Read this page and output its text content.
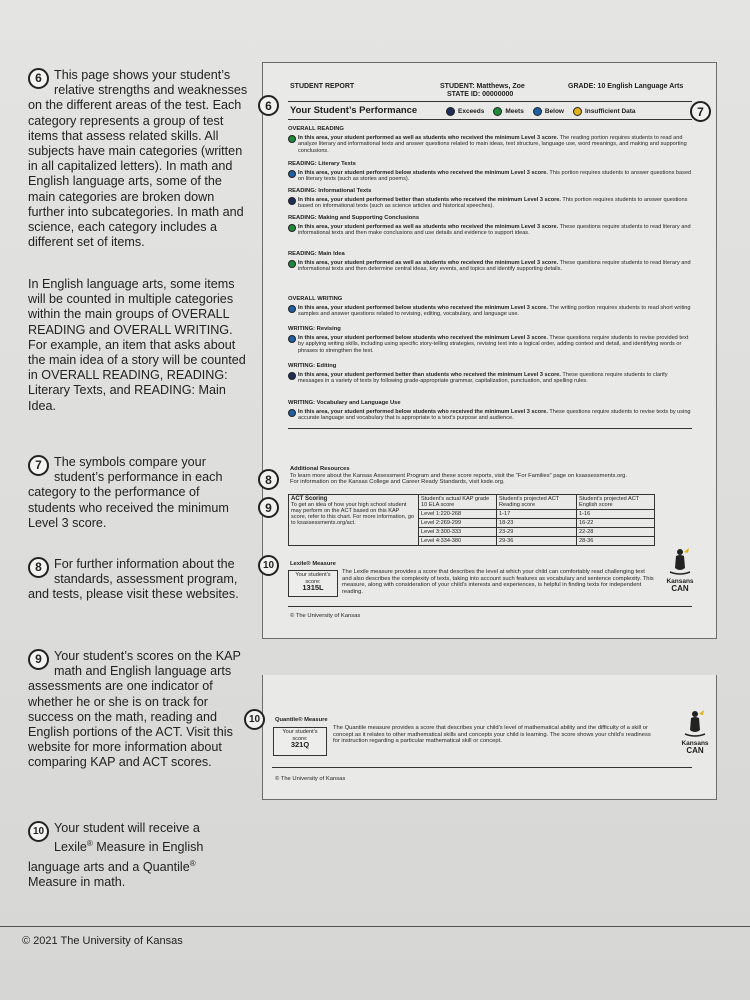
6 This page shows your student’s relative strengths and weaknesses on the different areas of the test. Each category represents a group of test items that assess related skills. All subjects have main categories (written in all capitalized letters). In math and English language arts, some of the main categories are broken down further into subcategories. In math and science, each category includes a different set of items.
In English language arts, some items will be counted in multiple categories within the main groups of OVERALL READING and OVERALL WRITING. For example, an item that asks about the main idea of a story will be counted in OVERALL READING, READING: Literary Texts, and READING: Main Idea.
7 The symbols compare your student’s performance in each category to the performance of students who received the minimum Level 3 score.
8 For further information about the standards, assessment program, and tests, please visit these websites.
9 Your student’s scores on the KAP math and English language arts assessments are one indicator of whether he or she is on track for success on the math, reading and English portions of the ACT. Visit this website for more information about comparing KAP and ACT scores.
10 Your student will receive a Lexile® Measure in English language arts and a Quantile® Measure in math.
STUDENT REPORT	STUDENT: Matthews, Zoe
STATE ID: 00000000
GRADE: 10 English Language Arts
6	Your Student’s Performance	Exceeds	Meets	Below	Insufficient Data	7
OVERALL READING
In this area, your student performed as well as students who received the minimum Level 3 score. The reading portion requires students to read and analyze literary and informational texts and answer questions related to main ideas, text structure, language use, word meanings, and making and supporting conclusions.
READING: Literary Texts
In this area, your student performed below students who received the minimum Level 3 score. This portion requires students to answer questions based on literary texts (such as stories and poems).
READING: Informational Texts
In this area, your student performed better than students who received the minimum Level 3 score. This portion requires students to answer questions based on informational texts (such as science articles and historical speeches).
READING: Making and Supporting Conclusions
In this area, your student performed as well as students who received the minimum Level 3 score. These questions require students to read literary and informational texts and then make conclusions and use details and evidence to support ideas.
READING: Main Idea
In this area, your student performed as well as students who received the minimum Level 3 score. These questions require students to read literary and informational texts and then determine central ideas, key events, and topics and identify supporting details.
OVERALL WRITING
In this area, your student performed below students who received the minimum Level 3 score. The writing portion requires students to read short writing samples and answer questions related to revising, editing, vocabulary, and language use.
WRITING: Revising
In this area, your student performed below students who received the minimum Level 3 score. These questions require students to revise provided text by applying writing skills, including using specific story-telling strategies, revising text into a logical order, adding context and detail, and identifying words or phrases to strengthen the text.
WRITING: Editing
In this area, your student performed better than students who received the minimum Level 3 score. These questions require students to clarify messages in a variety of texts by following grade-appropriate grammar, capitalization, punctuation, and spelling rules.
WRITING: Vocabulary and Language Use
In this area, your student performed below students who received the minimum Level 3 score. These questions require students to revise texts by using accurate language and vocabulary that is appropriate to a text’s purpose and audience.
8
Additional Resources
To learn more about the Kansas Assessment Program and these score reports, visit the “For Families” page on ksassessments.org.
For information on the Kansas College and Career Ready Standards, visit ksde.org.
9
ACT Scoring
To get an idea of how your high school student may perform on the ACT based on this KAP score, refer to this chart. For more information, go to ksassessments.org/act.	Student’s actual KAP grade 10 ELA score	Student’s projected ACT Reading score	Student’s projected ACT English score
	Level 1:220-268	1-17	1-16
	Level 2:269-299	18-23	16-22
	Level 3:300-333	23-29	22-28
	Level 4:334-380	29-36	28-36
10	Lexile® Measure
Your student’s score:
1315L
The Lexile measure provides a score that describes the level at which your child can comfortably read challenging text and also describes the complexity of texts, taking into account such features as vocabulary and sentence complexity. This measure, along with consideration of your child’s interests and experiences, is helpful in finding texts for independent reading.
Kansans
CAN
© The University of Kansas
10	Quantile® Measure
Your student’s score:
321Q
The Quantile measure provides a score that describes your child’s level of mathematical ability and the difficulty of a skill or concept as it relates to other mathematical skills and concepts your child is learning. The score shows your child’s readiness for instruction regarding a particular mathematical skill or concept.	Kansans
CAN
© The University of Kansas
© 2021 The University of Kansas
